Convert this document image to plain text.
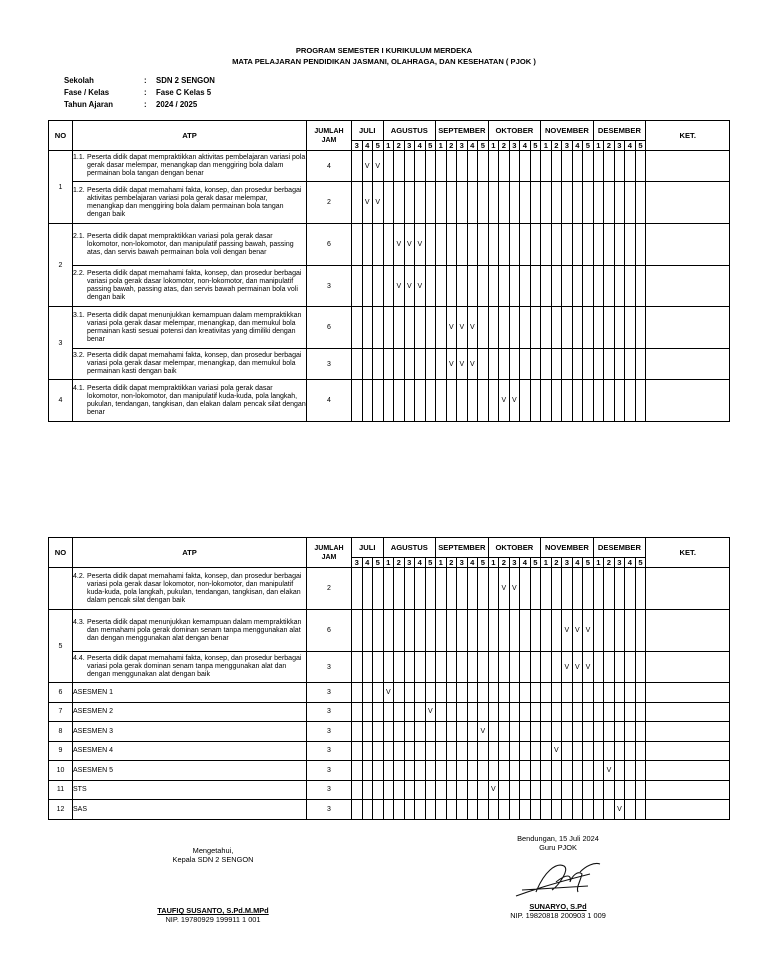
PROGRAM SEMESTER I KURIKULUM MERDEKA
MATA PELAJARAN PENDIDIKAN JASMANI, OLAHRAGA, DAN KESEHATAN ( PJOK )
Sekolah	:	SDN 2 SENGON
Fase / Kelas	:	Fase C Kelas 5
Tahun Ajaran	:	2024 / 2025
NO	ATP	JUMLAH JAM	JULI			AGUSTUS					SEPTEMBER					OKTOBER					NOVEMBER					DESEMBER					KET.
			3	4	5	1	2	3	4	5	1	2	3	4	5	1	2	3	4	5	1	2	3	4	5	1	2	3	4	5	
1	1.1. Peserta didik dapat mempraktikkan aktivitas pembelajaran variasi pola gerak dasar melempar, menangkap dan menggiring bola dalam permainan bola tangan dengan benar	4		V	V																										

	1.2. Peserta didik dapat memahami fakta, konsep, dan prosedur berbagai aktivitas pembelajaran variasi pola gerak dasar melempar, menangkap dan menggiring bola dalam permainan bola tangan dengan baik	2		V	V																										
2	2.1. Peserta didik dapat mempraktikkan variasi pola gerak dasar lokomotor, non-lokomotor, dan manipulatif passing bawah, passing atas, dan servis bawah permainan bola voli dengan benar	6					V	V	V																						

	2.2. Peserta didik dapat memahami fakta, konsep, dan prosedur berbagai variasi pola gerak dasar lokomotor, non-lokomotor, dan manipulatif passing bawah, passing atas, dan servis bawah permainan bola voli dengan baik	3					V	V	V																						
3	3.1. Peserta didik dapat menunjukkan kemampuan dalam mempraktikkan variasi pola gerak dasar melempar, menangkap, dan memukul bola permainan kasti sesuai potensi dan kreativitas yang dimiliki dengan benar	6										V	V	V																	

	3.2. Peserta didik dapat memahami fakta, konsep, dan prosedur berbagai variasi pola gerak dasar melempar, menangkap, dan memukul bola permainan kasti dengan baik	3										V	V	V																	
4	4.1. Peserta didik dapat mempraktikkan variasi pola gerak dasar lokomotor, non-lokomotor, dan manipulatif kuda-kuda, pola langkah, pukulan, tendangan, tangkisan, dan elakan dalam pencak silat dengan benar	4															V	V													
NO	ATP	JUMLAH JAM	JULI			AGUSTUS					SEPTEMBER					OKTOBER					NOVEMBER					DESEMBER					KET.
			3	4	5	1	2	3	4	5	1	2	3	4	5	1	2	3	4	5	1	2	3	4	5	1	2	3	4	5	

	4.2. Peserta didik dapat memahami fakta, konsep, dan prosedur berbagai variasi pola gerak dasar lokomotor, non-lokomotor, dan manipulatif kuda-kuda, pola langkah, pukulan, tendangan, tangkisan, dan elakan dalam pencak silat dengan baik	2															V	V													
5	4.3. Peserta didik dapat menunjukkan kemampuan dalam mempraktikkan dan memahami pola gerak dominan senam tanpa menggunakan alat dan dengan menggunakan alat dengan benar	6																					V	V	V						

	4.4. Peserta didik dapat memahami fakta, konsep, dan prosedur berbagai variasi pola gerak dominan senam tanpa menggunakan alat dan dengan menggunakan alat dengan baik	3																					V	V	V						
6	ASESMEN 1	3				V																									
7	ASESMEN 2	3								V																					
8	ASESMEN 3	3													V																
9	ASESMEN 4	3																				V									
10	ASESMEN 5	3																									V				
11	STS	3														V															
12	SAS	3																										V			
Mengetahui,
Kepala SDN 2 SENGON
TAUFIQ SUSANTO, S.Pd.M.MPd
NIP. 19780929 199911 1 001
Bendungan, 15 Juli 2024
Guru PJOK
SUNARYO, S.Pd
NIP. 19820818 200903 1 009
